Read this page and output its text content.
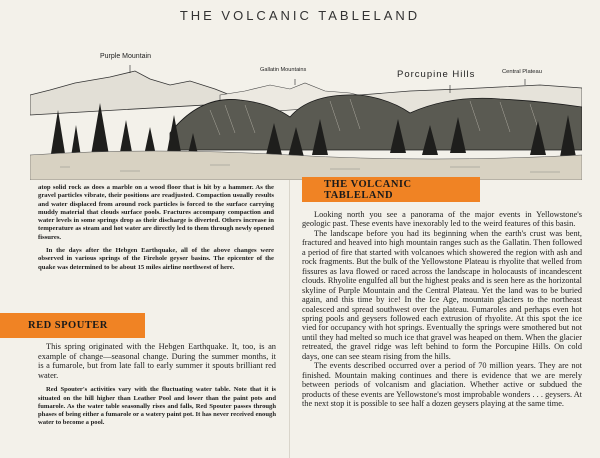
THE VOLCANIC TABLELAND
Purple Mountain
Gallatin Mountains	Porcupine Hills	Central Plateau

atop solid rock as does a marble on a wood floor that is hit by a hammer. As the gravel particles vibrate, their positions are readjusted. Compaction usually results and water displaced from around rock particles is forced to the surface carrying muddy material that clouds surface pools. Fractures accompany compaction and water levels in some springs drop as their discharge is diverted. Others increase in temperature as steam and hot water are directly led to them through newly opened fissures.

In the days after the Hebgen Earthquake, all of the above changes were observed in various springs of the Firehole geyser basins. The epicenter of the quake was determined to be about 15 miles airline northwest of here.

RED SPOUTER

This spring originated with the Hebgen Earthquake. It, too, is an example of change—seasonal change. During the summer months, it is a fumarole, but from late fall to early summer it spouts brilliant red water.

Red Spouter's activities vary with the fluctuating water table. Note that it is situated on the hill higher than Leather Pool and lower than the paint pots and fumarole. As the water table seasonally rises and falls, Red Spouter passes through phases of being either a fumarole or a watery paint pot. It has never received enough water to become a pool.

THE VOLCANIC TABLELAND

Looking north you see a panorama of the major events in Yellowstone's geologic past. These events have inexorably led to the weird features of this basin.

The landscape before you had its beginning when the earth's crust was bent, fractured and heaved into high mountain ranges such as the Gallatin. Then followed a period of fire that started with volcanoes which showered the region with ash and rock fragments. But the bulk of the Yellowstone Plateau is rhyolite that welled from fissures as lava flowed or raced across the landscape in holocausts of incandescent clouds. Rhyolite engulfed all but the highest peaks and is seen here as the horizontal skyline of Purple Mountain and the Central Plateau. Yet the land was to be buried again, and this time by ice! In the Ice Age, mountain glaciers to the northeast coalesced and spread southwest over the plateau. Fumaroles and perhaps even hot spring pools and geysers followed each extrusion of rhyolite. At this spot the ice vied for occupancy with hot springs. Eventually the springs were smothered but not until they had melted so much ice that gravel was heaped on them. When the glacier retreated, the gravel ridge was left behind to form the Porcupine Hills. On cold days, one can see steam rising from the hills.

The events described occurred over a period of 70 million years. They are not finished. Mountain making continues and there is evidence that we are merely between periods of volcanism and glaciation. Whether active or subdued the products of these events are Yellowstone's most improbable wonders . . . geysers. At the next stop it is possible to see half a dozen geysers playing at the same time.
